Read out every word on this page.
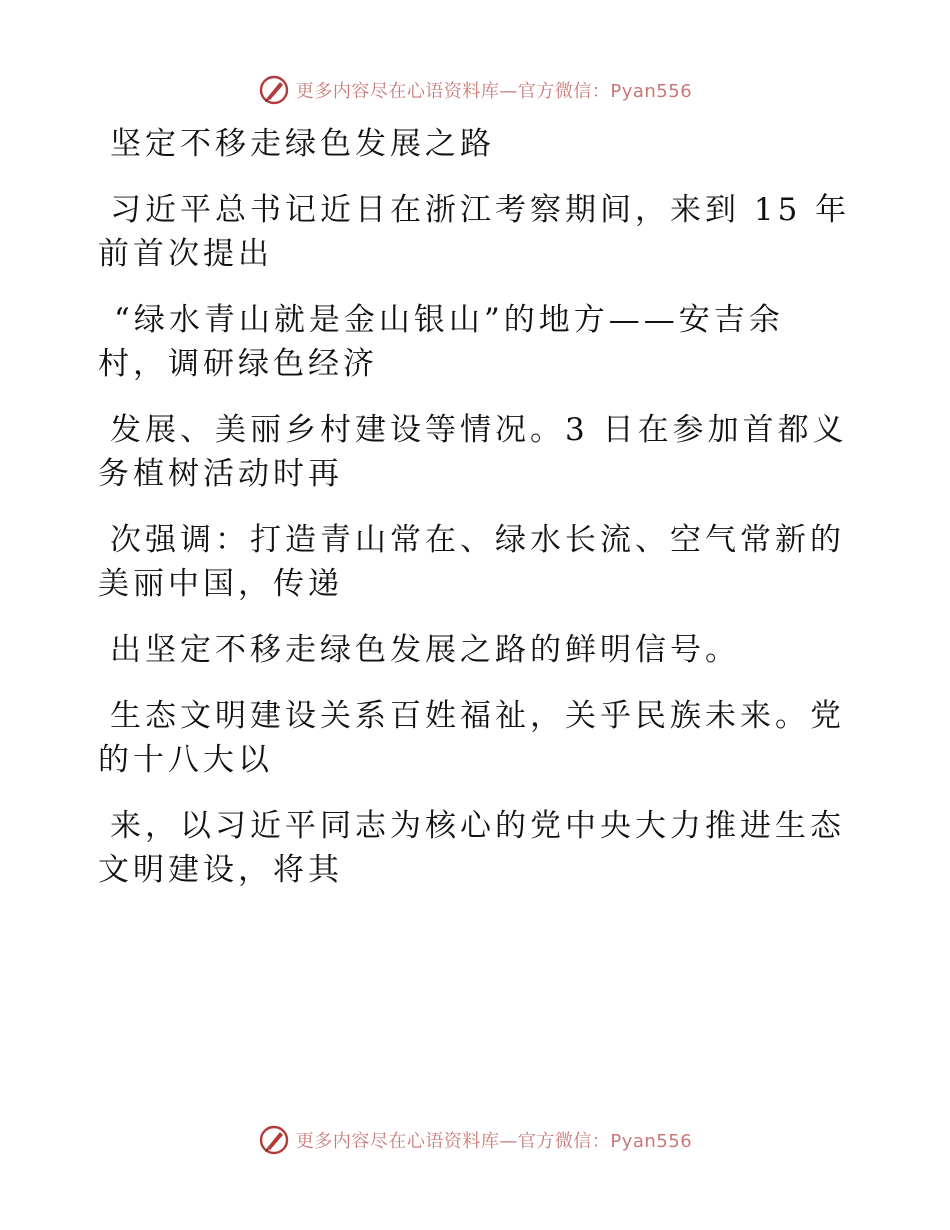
更多内容尽在心语资料库—官方微信：Pyan556
坚定不移走绿色发展之路
习近平总书记近日在浙江考察期间，来到 15 年
前首次提出
“绿水青山就是金山银山”的地方——安吉余
村，调研绿色经济
发展、美丽乡村建设等情况。3 日在参加首都义
务植树活动时再
次强调：打造青山常在、绿水长流、空气常新的
美丽中国，传递
出坚定不移走绿色发展之路的鲜明信号。
生态文明建设关系百姓福祉，关乎民族未来。党
的十八大以
来，以习近平同志为核心的党中央大力推进生态
文明建设，将其
更多内容尽在心语资料库—官方微信：Pyan556
